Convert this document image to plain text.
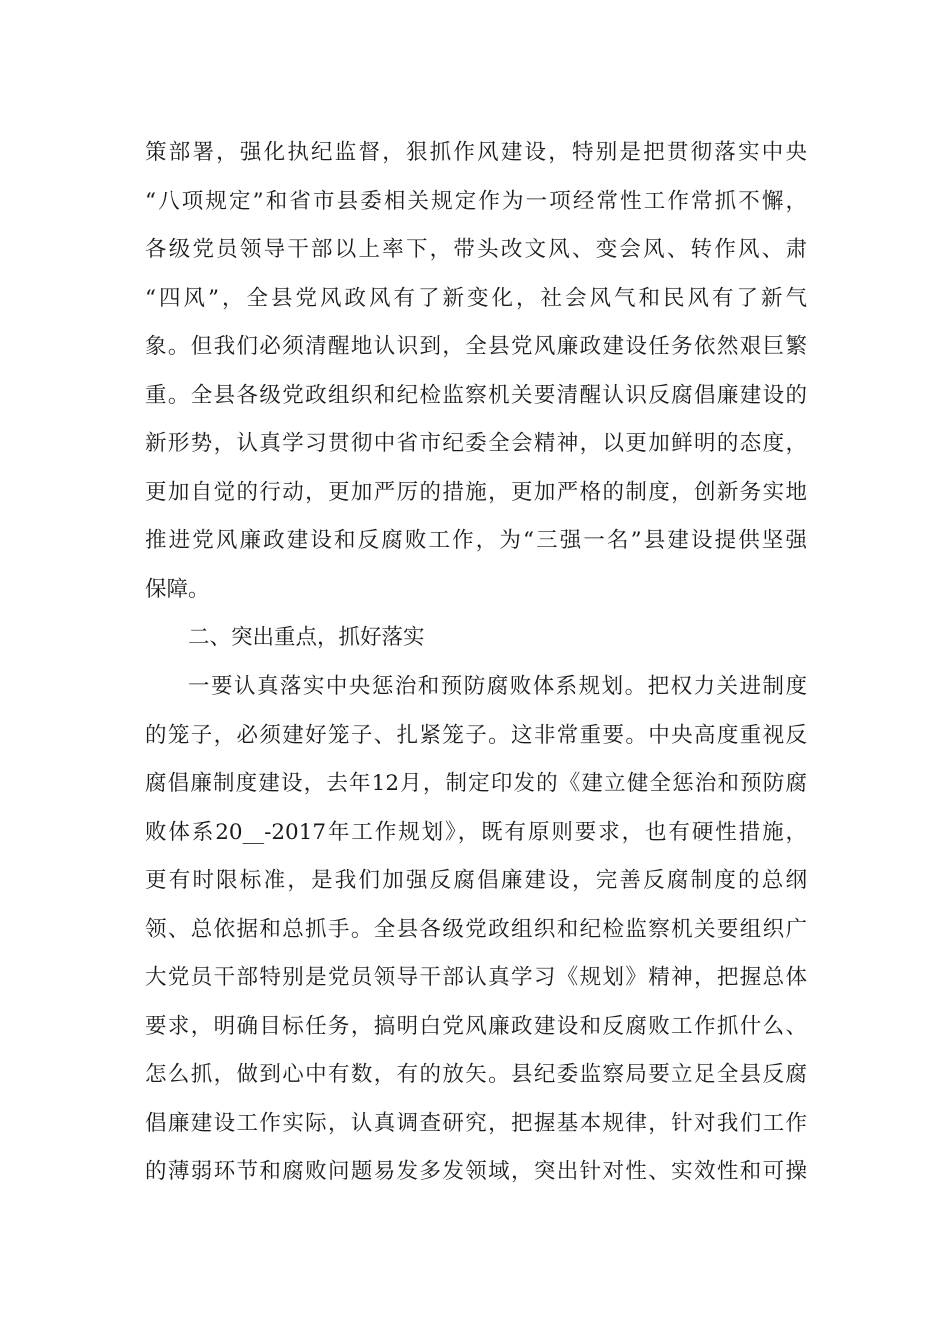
策部署，强化执纪监督，狠抓作风建设，特别是把贯彻落实中央
“八项规定”和省市县委相关规定作为一项经常性工作常抓不懈，
各级党员领导干部以上率下，带头改文风、变会风、转作风、肃
“四风”，全县党风政风有了新变化，社会风气和民风有了新气
象。但我们必须清醒地认识到，全县党风廉政建设任务依然艰巨繁
重。全县各级党政组织和纪检监察机关要清醒认识反腐倡廉建设的
新形势，认真学习贯彻中省市纪委全会精神，以更加鲜明的态度，
更加自觉的行动，更加严厉的措施，更加严格的制度，创新务实地
推进党风廉政建设和反腐败工作，为“三强一名”县建设提供坚强
保障。
二、突出重点，抓好落实
一要认真落实中央惩治和预防腐败体系规划。把权力关进制度
的笼子，必须建好笼子、扎紧笼子。这非常重要。中央高度重视反
腐倡廉制度建设，去年12月，制定印发的《建立健全惩治和预防腐
败体系20__-2017年工作规划》，既有原则要求，也有硬性措施，
更有时限标准，是我们加强反腐倡廉建设，完善反腐制度的总纲
领、总依据和总抓手。全县各级党政组织和纪检监察机关要组织广
大党员干部特别是党员领导干部认真学习《规划》精神，把握总体
要求，明确目标任务，搞明白党风廉政建设和反腐败工作抓什么、
怎么抓，做到心中有数，有的放矢。县纪委监察局要立足全县反腐
倡廉建设工作实际，认真调查研究，把握基本规律，针对我们工作
的薄弱环节和腐败问题易发多发领域，突出针对性、实效性和可操
